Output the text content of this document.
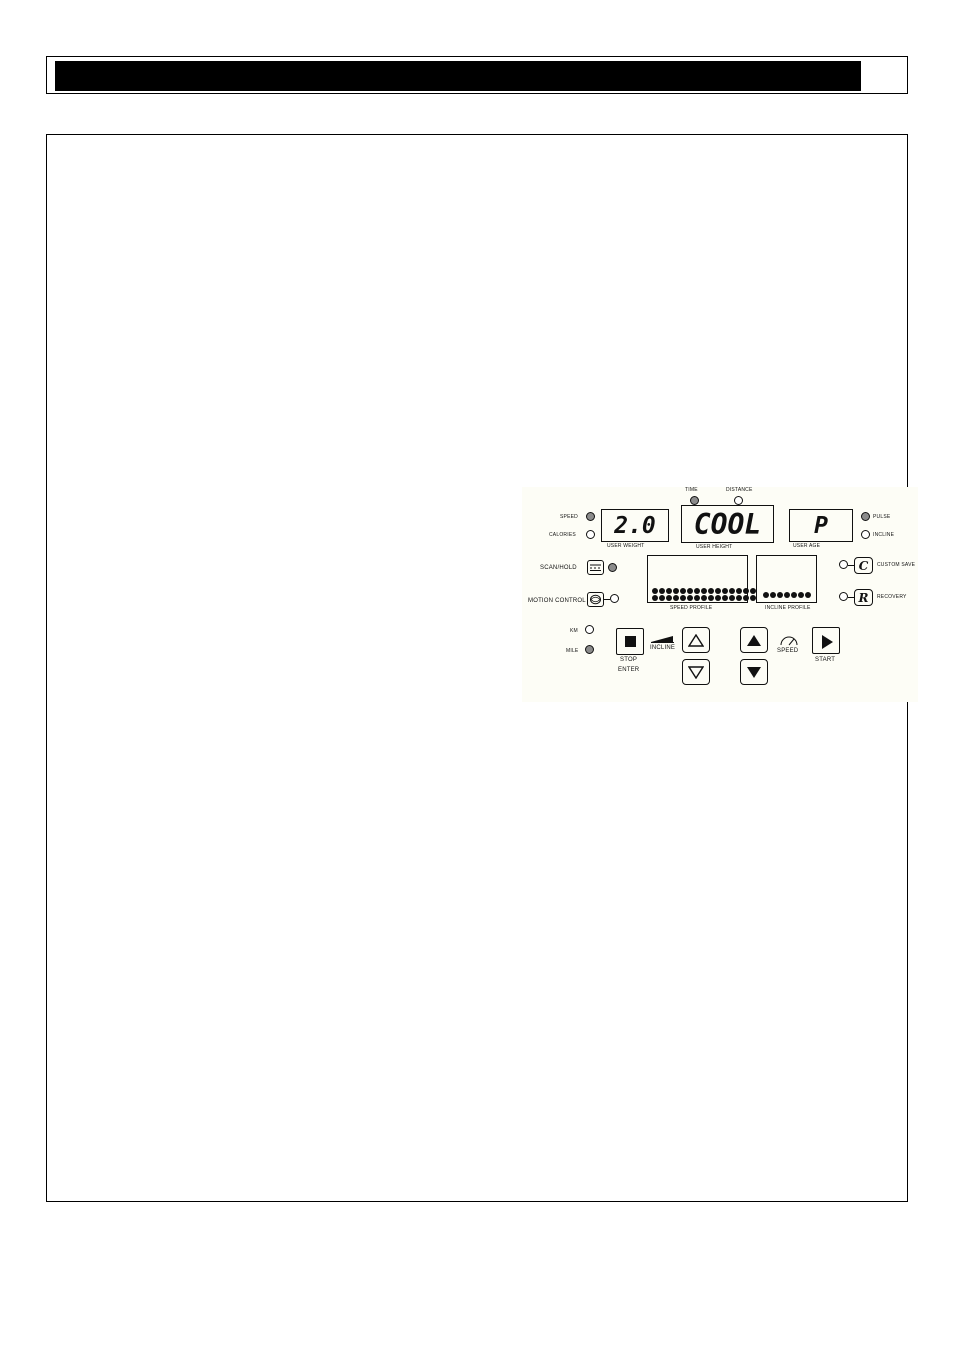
TIME	DISTANCE
SPEED
CALORIES	2.0
USER WEIGHT
COOL
USER HEIGHT
P
USER AGE
PULSE
INCLINE
SCAN/HOLD
MOTION CONTROL
SPEED PROFILE	INCLINE PROFILE
C	CUSTOM SAVE
R	RECOVERY
KM
MILE
STOP
ENTER
INCLINE	SPEED
START
